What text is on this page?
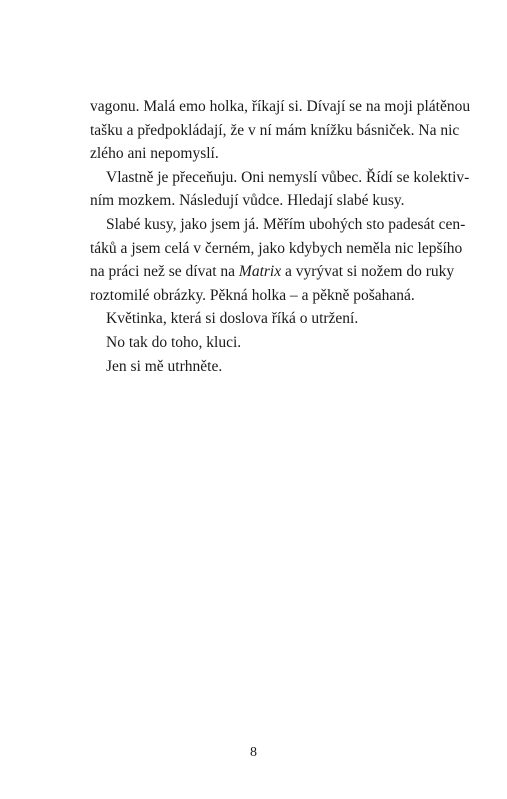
vagonu. Malá emo holka, říkají si. Dívají se na moji plátěnou
tašku a předpokládají, že v ní mám knížku básniček. Na nic
zlého ani nepomyslí.
Vlastně je přeceňuju. Oni nemyslí vůbec. Řídí se kolektiv-
ním mozkem. Následují vůdce. Hledají slabé kusy.
Slabé kusy, jako jsem já. Měřím ubohých sto padesát cen-
táků a jsem celá v černém, jako kdybych neměla nic lepšího
na práci než se dívat na Matrix a vyrývat si nožem do ruky
roztomilé obrázky. Pěkná holka – a pěkně pošahaná.
Květinka, která si doslova říká o utržení.
No tak do toho, kluci.
Jen si mě utrhněte.
8
